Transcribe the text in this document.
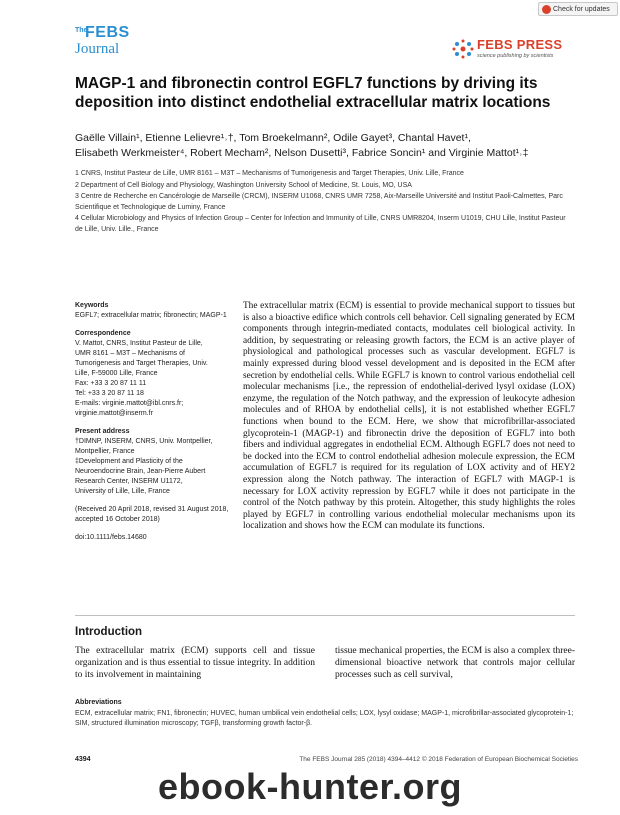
Check for updates
The
FEBS
Journal	FEBS PRESS
science publishing by scientists
MAGP-1 and fibronectin control EGFL7 functions by driving its deposition into distinct endothelial extracellular matrix locations
Gaëlle Villain¹, Etienne Lelievre¹˒†, Tom Broekelmann², Odile Gayet³, Chantal Havet¹,
Elisabeth Werkmeister⁴, Robert Mecham², Nelson Dusetti³, Fabrice Soncin¹ and Virginie Mattot¹˒‡

1 CNRS, Institut Pasteur de Lille, UMR 8161 – M3T – Mechanisms of Tumorigenesis and Target Therapies, Univ. Lille, France

2 Department of Cell Biology and Physiology, Washington University School of Medicine, St. Louis, MO, USA

3 Centre de Recherche en Cancérologie de Marseille (CRCM), INSERM U1068, CNRS UMR 7258, Aix-Marseille Université and Institut Paoli-Calmettes, Parc Scientifique et Technologique de Luminy, France

4 Cellular Microbiology and Physics of Infection Group – Center for Infection and Immunity of Lille, CNRS UMR8204, Inserm U1019, CHU Lille, Institut Pasteur de Lille, Univ. Lille., France

Keywords

EGFL7; extracellular matrix; fibronectin; MAGP-1

Correspondence

V. Mattot, CNRS, Institut Pasteur de Lille,

UMR 8161 – M3T – Mechanisms of

Tumorigenesis and Target Therapies, Univ.

Lille, F-59000 Lille, France

Fax: +33 3 20 87 11 11

Tel: +33 3 20 87 11 18

E-mails: virginie.mattot@ibl.cnrs.fr;

virginie.mattot@inserm.fr

Present address

†DIMNP, INSERM, CNRS, Univ. Montpellier,

Montpellier, France

‡Development and Plasticity of the

Neuroendocrine Brain, Jean-Pierre Aubert

Research Center, INSERM U1172,

University of Lille, Lille, France

(Received 20 April 2018, revised 31 August 2018, accepted 16 October 2018)
doi:10.1111/febs.14680
The extracellular matrix (ECM) is essential to provide mechanical support to tissues but is also a bioactive edifice which controls cell behavior. Cell signaling generated by ECM components through integrin-mediated contacts, modulates cell biological activity. In addition, by sequestrating or releasing growth factors, the ECM is an active player of physiological and pathological processes such as vascular development. EGFL7 is mainly expressed during blood vessel development and is deposited in the ECM after secretion by endothelial cells. While EGFL7 is known to control various endothelial cell molecular mechanisms [i.e., the repression of endothelial-derived lysyl oxidase (LOX) enzyme, the regulation of the Notch pathway, and the expression of leukocyte adhesion molecules and of RHOA by endothelial cells], it is not established whether EGFL7 functions when bound to the ECM. Here, we show that microfibrillar-associated glycoprotein-1 (MAGP-1) and fibronectin drive the deposition of EGFL7 into both fibers and individual aggregates in endothelial ECM. Although EGFL7 does not need to be docked into the ECM to control endothelial adhesion molecule expression, the ECM accumulation of EGFL7 is required for its regulation of LOX activity and of HEY2 expression along the Notch pathway. The interaction of EGFL7 with MAGP-1 is necessary for LOX activity repression by EGFL7 while it does not participate in the control of the Notch pathway by this protein. Altogether, this study highlights the roles played by EGFL7 in controlling various endothelial molecular mechanisms upon its localization and shows how the ECM can modulate its functions.
Introduction
The extracellular matrix (ECM) supports cell and tissue organization and is thus essential to tissue integrity. In addition to its involvement in maintaining
tissue mechanical properties, the ECM is also a complex three-dimensional bioactive network that controls major cellular processes such as cell survival,
Abbreviations
ECM, extracellular matrix; FN1, fibronectin; HUVEC, human umbilical vein endothelial cells; LOX, lysyl oxidase; MAGP-1, microfibrillar-associated glycoprotein-1; SIM, structured illumination microscopy; TGFβ, transforming growth factor-β.
4394	The FEBS Journal 285 (2018) 4394–4412 © 2018 Federation of European Biochemical Societies
ebook-hunter.org
